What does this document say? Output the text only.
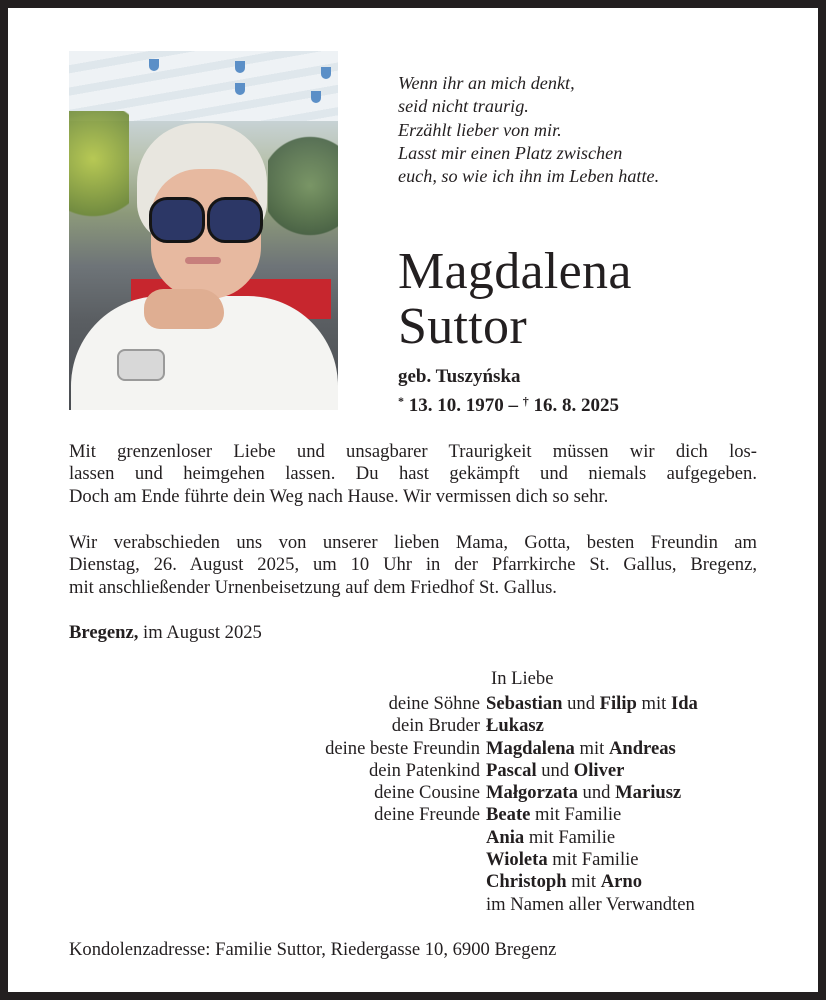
Wenn ihr an mich denkt,
seid nicht traurig.
Erzählt lieber von mir.
Lasst mir einen Platz zwischen
euch, so wie ich ihn im Leben hatte.
Magdalena
Suttor
geb. Tuszyńska
* 13. 10. 1970 – † 16. 8. 2025
Mit grenzenloser Liebe und unsagbarer Traurigkeit müssen wir dich los-
lassen und heimgehen lassen. Du hast gekämpft und niemals aufgegeben.
Doch am Ende führte dein Weg nach Hause. Wir vermissen dich so sehr.
Wir verabschieden uns von unserer lieben Mama, Gotta, besten Freundin am
Dienstag, 26. August 2025, um 10 Uhr in der Pfarrkirche St. Gallus, Bregenz,
mit anschließender Urnenbeisetzung auf dem Friedhof St. Gallus.
Bregenz, im August 2025
In Liebe
deine Söhne Sebastian und Filip mit Ida
dein Bruder Łukasz
deine beste Freundin Magdalena mit Andreas
dein Patenkind Pascal und Oliver
deine Cousine Małgorzata und Mariusz
deine Freunde Beate mit Familie
Ania mit Familie
Wioleta mit Familie
Christoph mit Arno
im Namen aller Verwandten
Kondolenzadresse: Familie Suttor, Riedergasse 10, 6900 Bregenz
